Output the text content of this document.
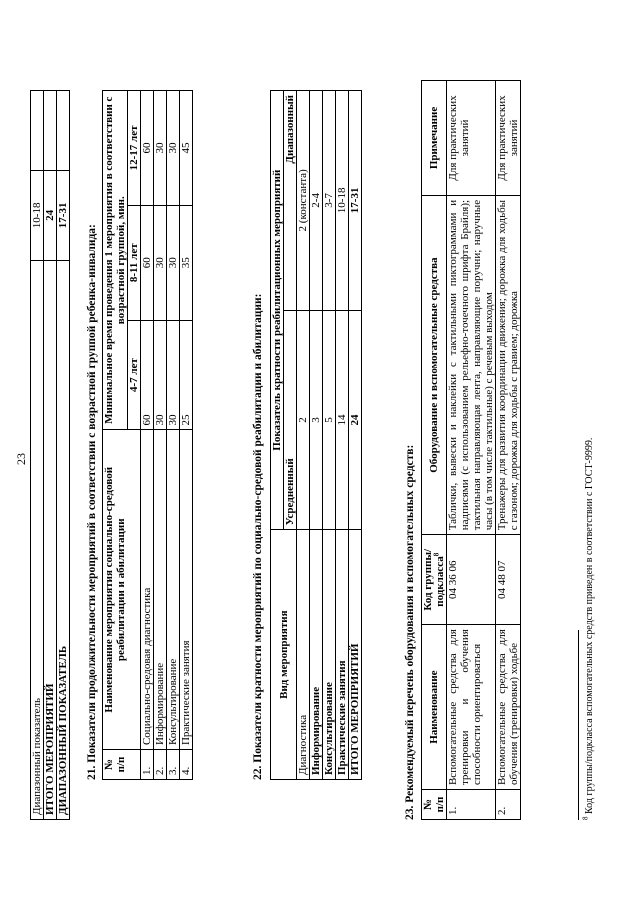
23
Диапазонный показатель	10-18	
ИТОГО МЕРОПРИЯТИЙ	24	
ДИАПАЗОННЫЙ ПОКАЗАТЕЛЬ	17-31	
21. Показатели продолжительности мероприятий в соответствии с возрастной группой ребенка-инвалида: № п/п	Наименование мероприятия социально-средовой реабилитации и абилитации	Минимальное время проведения 1 мероприятия в соответствии с возрастной группой, мин.		
		4-7 лет	8-11 лет	12-17 лет
1.	Социально-средовая диагностика	60	60	60
2.	Информирование	30	30	30
3.	Консультирование	30	30	30
4.	Практические занятия	25	35	45
22. Показатели кратности мероприятий по социально-средовой реабилитации и абилитации: Вид мероприятия	Показатель кратности реабилитационных мероприятий	
	Усредненный	Диапазонный
Диагностика	2	2 (константа)
Информирование	3	2-4
Консультирование	5	3-7
Практические занятия	14	10-18
ИТОГО МЕРОПРИЯТИЙ	24	17-31
23. Рекомендуемый перечень оборудования и вспомогательных средств: № п/п	Наименование	Код группы/ подкласса$^8$	Оборудование и вспомогательные средства	Примечание
1.	Вспомогательные средства для тренировки и обучения способности ориентироваться	04 36 06	Таблички, вывески и наклейки с тактильными пиктограммами и надписями (с использованием рельефно-точечного шрифта Брайля); тактильная направляющая лента, направляющие поручни; наручные часы (в том числе тактильные) с речевым выходом	Для практических занятий
2.	Вспомогательные средства для обучения (тренировки) ходьбе	04 48 07	Тренажеры для развития координации движения; дорожка для ходьбы с газоном; дорожка для ходьбы с гравием; дорожка	Для практических занятий
$^8$ Код группы/подкласса вспомогательных средств приведен в соответствии с ГОСТ-9999.
